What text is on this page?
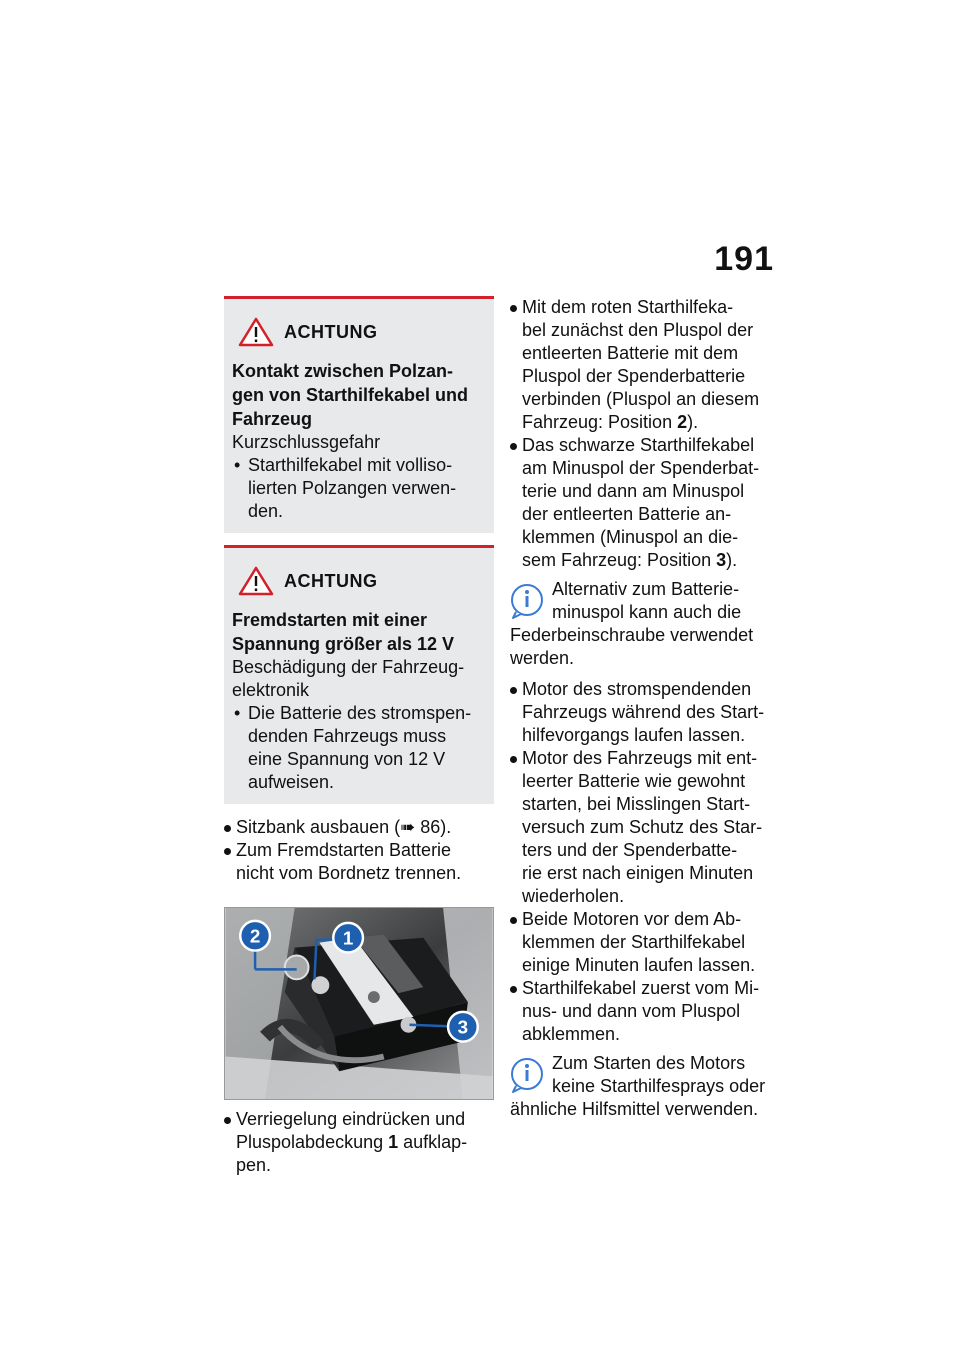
191
ACHTUNG
Kontakt zwischen Polzan-
gen von Starthilfekabel und
Fahrzeug
Kurzschlussgefahr
• Starthilfekabel mit volliso-
lierten Polzangen verwen-
den.
ACHTUNG
Fremdstarten mit einer
Spannung größer als 12 V
Beschädigung der Fahrzeug-
elektronik
• Die Batterie des stromspen-
denden Fahrzeugs muss
eine Spannung von 12 V
aufweisen.
Sitzbank ausbauen (➠ 86).
Zum Fremdstarten Batterie
nicht vom Bordnetz trennen.
1
2
3
Verriegelung eindrücken und
Pluspolabdeckung 1 aufklap-
pen.
Mit dem roten Starthilfeka-
bel zunächst den Pluspol der
entleerten Batterie mit dem
Pluspol der Spenderbatterie
verbinden (Pluspol an diesem
Fahrzeug: Position 2).
Das schwarze Starthilfekabel
am Minuspol der Spenderbat-
terie und dann am Minuspol
der entleerten Batterie an-
klemmen (Minuspol an die-
sem Fahrzeug: Position 3).
Alternativ zum Batterie-
minuspol kann auch die
Federbeinschraube verwendet
werden.
Motor des stromspendenden
Fahrzeugs während des Start-
hilfevorgangs laufen lassen.
Motor des Fahrzeugs mit ent-
leerter Batterie wie gewohnt
starten, bei Misslingen Start-
versuch zum Schutz des Star-
ters und der Spenderbatte-
rie erst nach einigen Minuten
wiederholen.
Beide Motoren vor dem Ab-
klemmen der Starthilfekabel
einige Minuten laufen lassen.
Starthilfekabel zuerst vom Mi-
nus- und dann vom Pluspol
abklemmen.
Zum Starten des Motors
keine Starthilfesprays oder
ähnliche Hilfsmittel verwenden.
